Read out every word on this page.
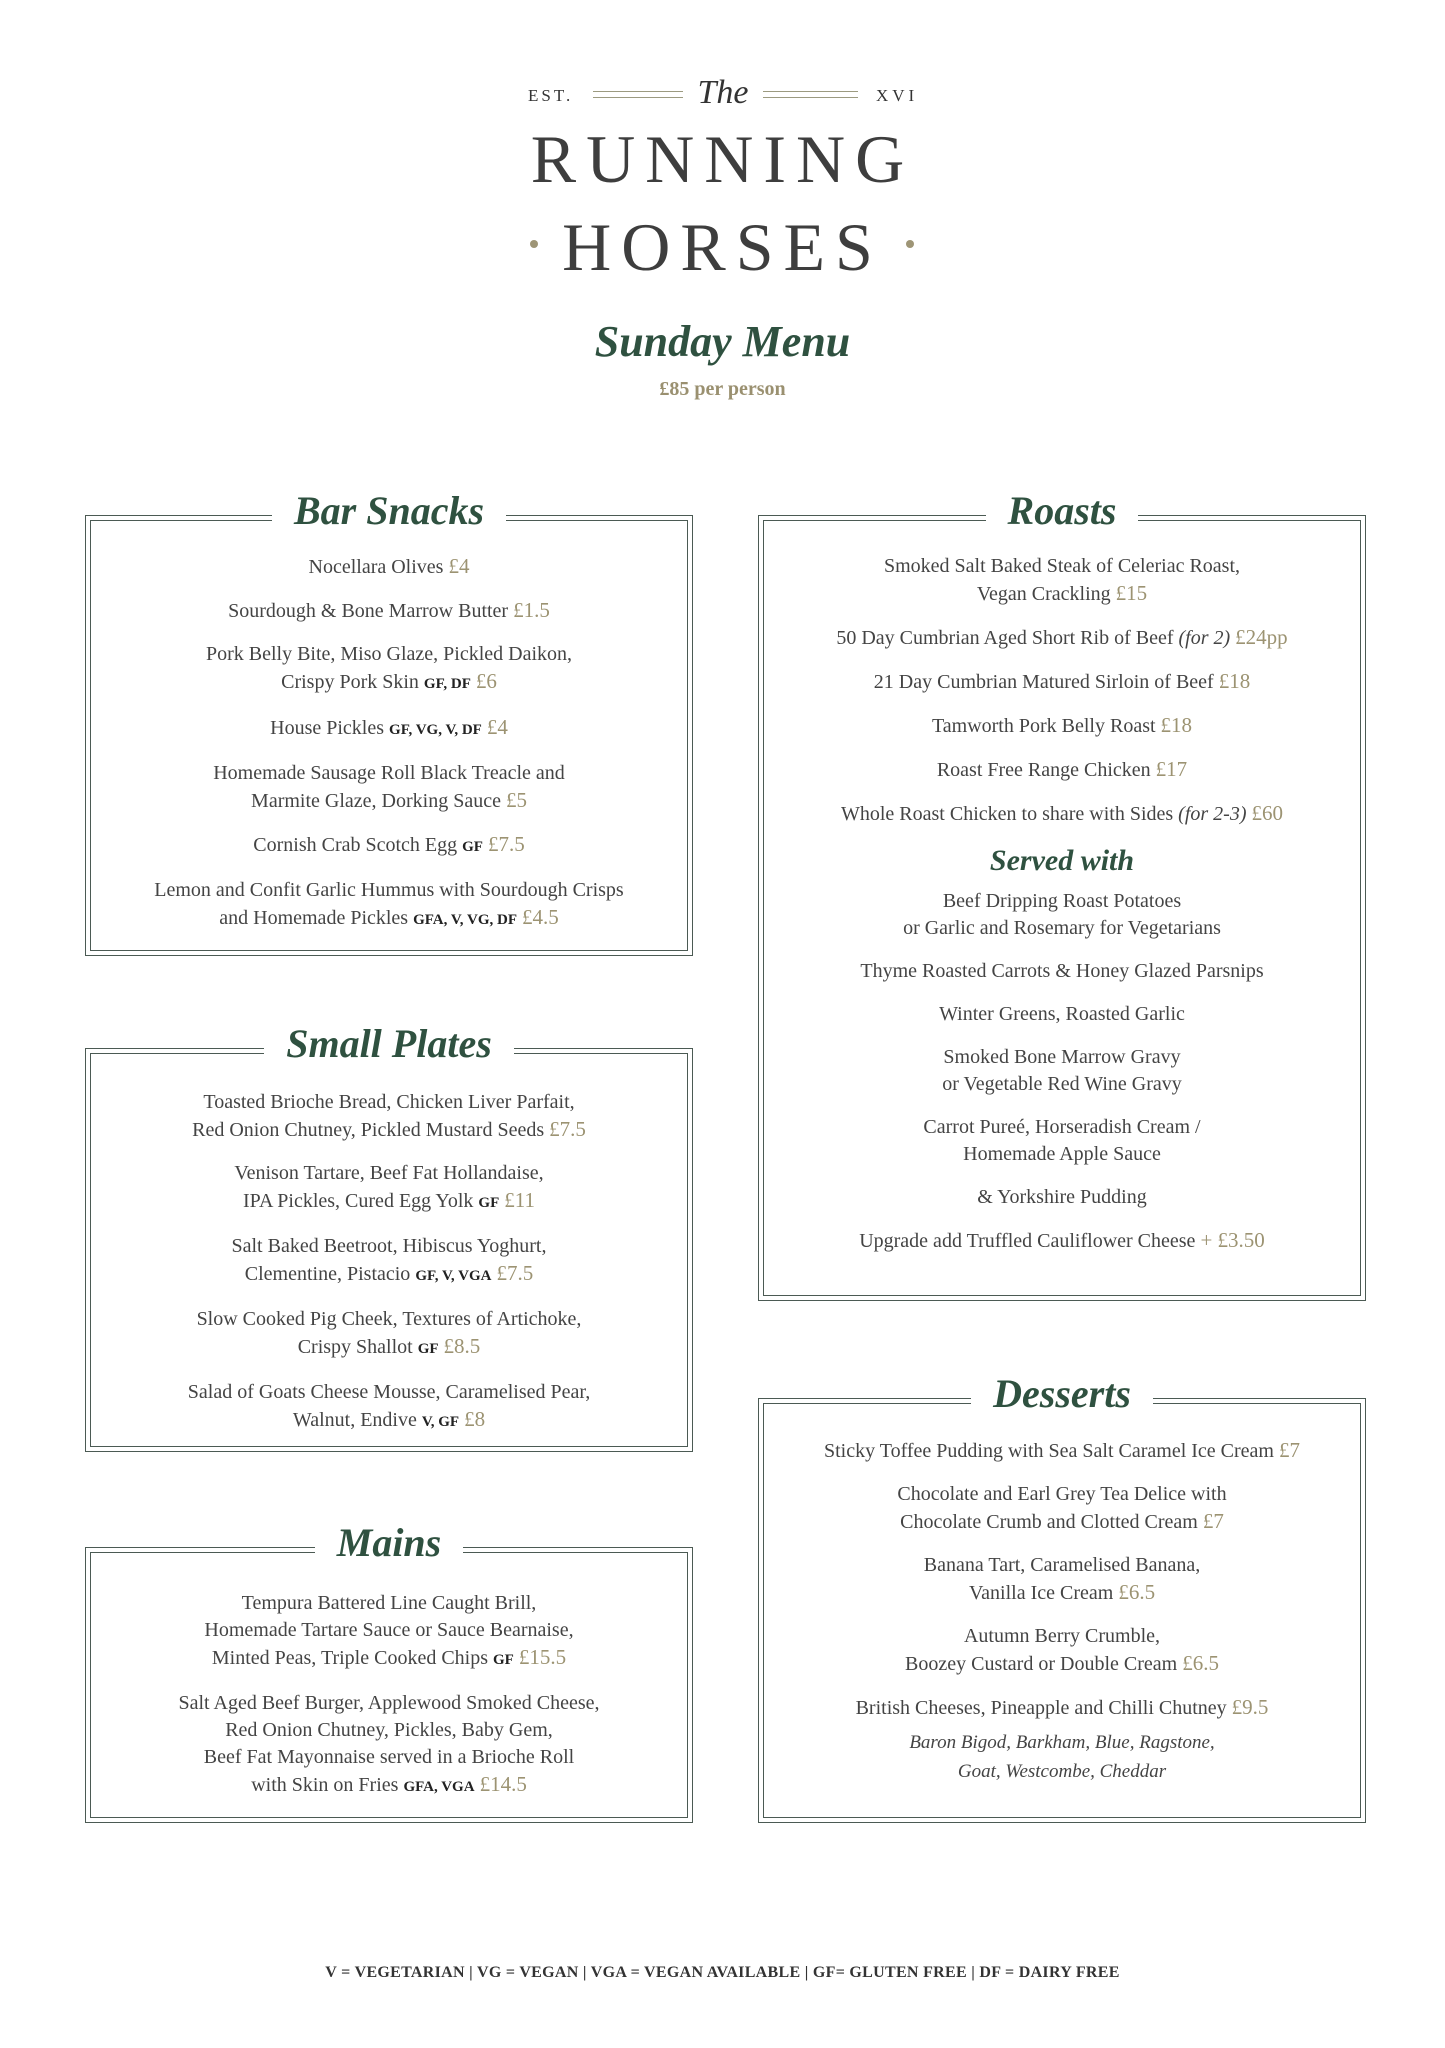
EST.	The	XVI
RUNNING
HORSES
Sunday Menu
£85 per person
Bar Snacks
Nocellara Olives £4
Sourdough & Bone Marrow Butter £1.5
Pork Belly Bite, Miso Glaze, Pickled Daikon,
Crispy Pork Skin GF, DF £6
House Pickles GF, VG, V, DF £4
Homemade Sausage Roll Black Treacle and
Marmite Glaze, Dorking Sauce £5
Cornish Crab Scotch Egg GF £7.5
Lemon and Confit Garlic Hummus with Sourdough Crisps
and Homemade Pickles GFA, V, VG, DF £4.5
Small Plates
Toasted Brioche Bread, Chicken Liver Parfait,
Red Onion Chutney, Pickled Mustard Seeds £7.5
Venison Tartare, Beef Fat Hollandaise,
IPA Pickles, Cured Egg Yolk GF £11
Salt Baked Beetroot, Hibiscus Yoghurt,
Clementine, Pistacio GF, V, VGA £7.5
Slow Cooked Pig Cheek, Textures of Artichoke,
Crispy Shallot GF £8.5
Salad of Goats Cheese Mousse, Caramelised Pear,
Walnut, Endive V, GF £8
Mains
Tempura Battered Line Caught Brill,
Homemade Tartare Sauce or Sauce Bearnaise,
Minted Peas, Triple Cooked Chips GF £15.5
Salt Aged Beef Burger, Applewood Smoked Cheese,
Red Onion Chutney, Pickles, Baby Gem,
Beef Fat Mayonnaise served in a Brioche Roll
with Skin on Fries GFA, VGA £14.5
Roasts
Smoked Salt Baked Steak of Celeriac Roast,
Vegan Crackling £15
50 Day Cumbrian Aged Short Rib of Beef (for 2) £24pp
21 Day Cumbrian Matured Sirloin of Beef £18
Tamworth Pork Belly Roast £18
Roast Free Range Chicken £17
Whole Roast Chicken to share with Sides (for 2-3) £60
Served with
Beef Dripping Roast Potatoes
or Garlic and Rosemary for Vegetarians
Thyme Roasted Carrots & Honey Glazed Parsnips
Winter Greens, Roasted Garlic
Smoked Bone Marrow Gravy
or Vegetable Red Wine Gravy
Carrot Pureé, Horseradish Cream /
Homemade Apple Sauce
& Yorkshire Pudding
Upgrade add Truffled Cauliflower Cheese + £3.50
Desserts
Sticky Toffee Pudding with Sea Salt Caramel Ice Cream £7
Chocolate and Earl Grey Tea Delice with
Chocolate Crumb and Clotted Cream £7
Banana Tart, Caramelised Banana,
Vanilla Ice Cream £6.5
Autumn Berry Crumble,
Boozey Custard or Double Cream £6.5
British Cheeses, Pineapple and Chilli Chutney £9.5
Baron Bigod, Barkham, Blue, Ragstone,
Goat, Westcombe, Cheddar
V = VEGETARIAN | VG = VEGAN | VGA = VEGAN AVAILABLE | GF= GLUTEN FREE | DF = DAIRY FREE
